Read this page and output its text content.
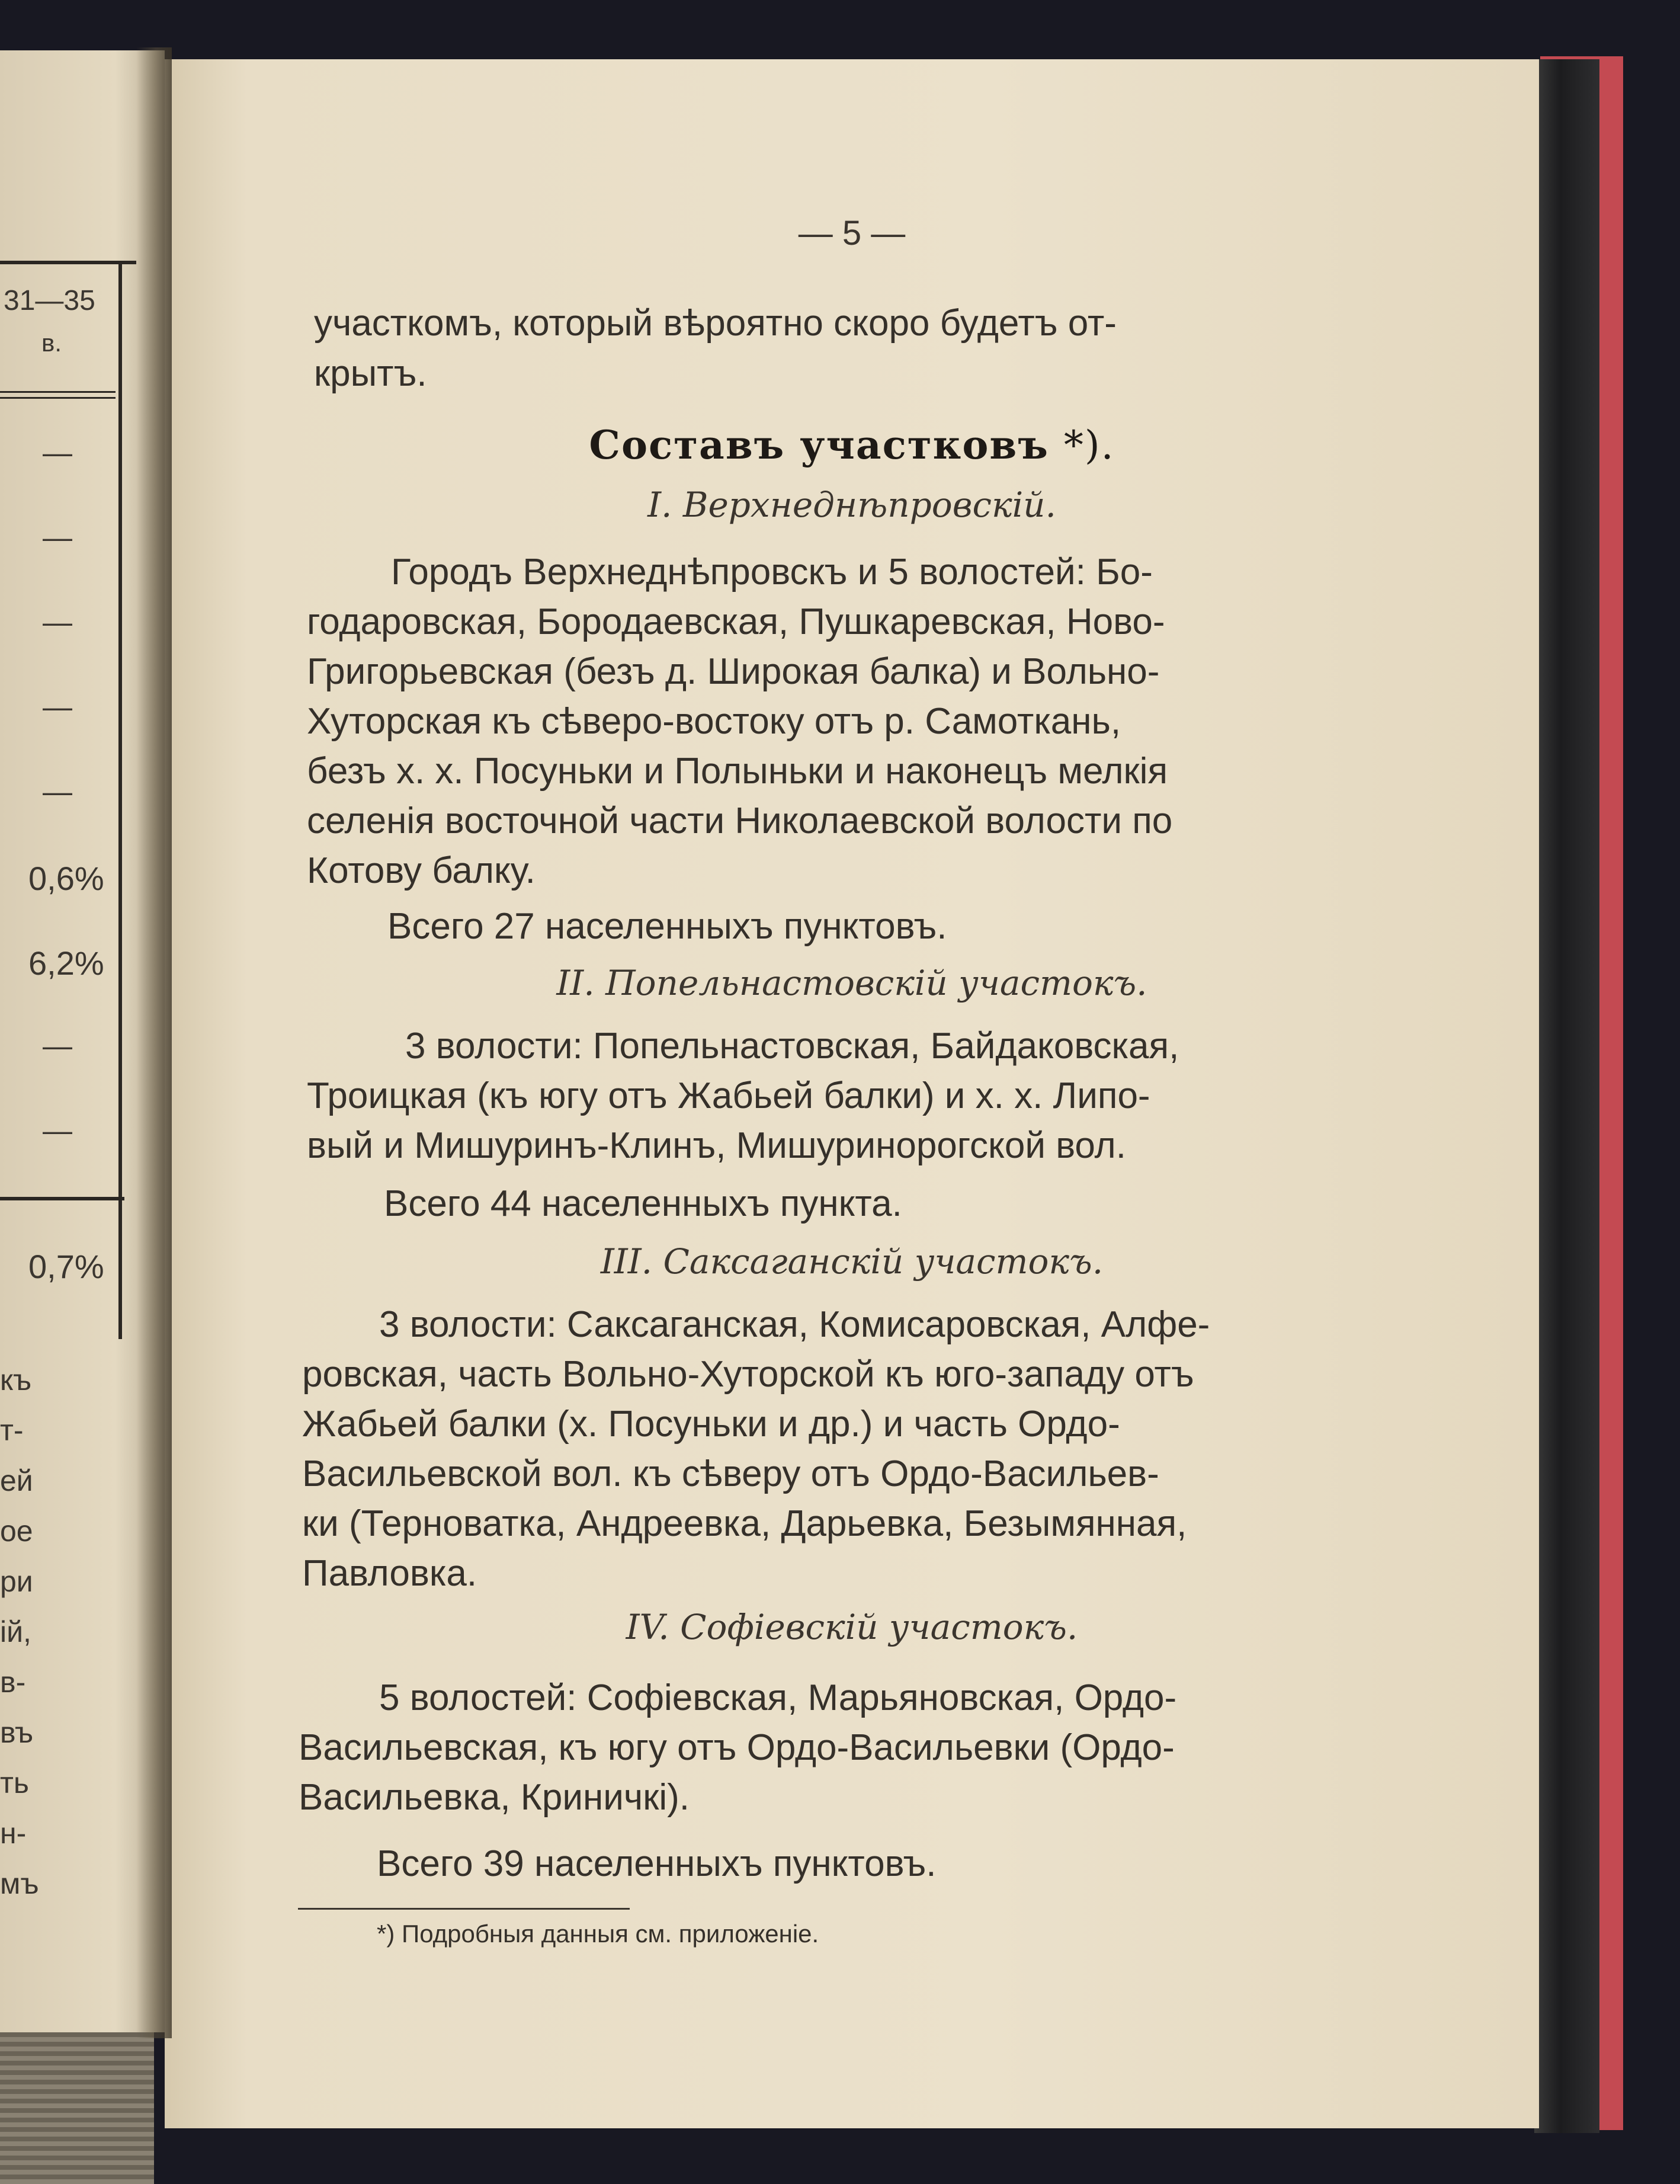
31—35
в.
—
—
—
—
—
0,6%
6,2%
—
—
0,7%
къ
т-
ей
ое
ри
ій,
в-
въ
ть
н-
мъ
— 5 —
участкомъ, который вѣроятно скоро будетъ от-
крытъ.
Составъ участковъ *).
I. Верхнеднѣпровскій.
Городъ Верхнеднѣпровскъ и 5 волостей: Бо-
годаровская, Бородаевская, Пушкаревская, Ново-
Григорьевская (безъ д. Широкая балка) и Вольно-
Хуторская къ сѣверо-востоку отъ р. Самоткань,
безъ х. х. Посуньки и Полыньки и наконецъ мелкія
селенія восточной части Николаевской волости по
Котову балку.
Всего 27 населенныхъ пунктовъ.
II. Попельнастовскій участокъ.
3 волости: Попельнастовская, Байдаковская,
Троицкая (къ югу отъ Жабьей балки) и х. х. Липо-
вый и Мишуринъ-Клинъ, Мишуринорогской вол.
Всего 44 населенныхъ пункта.
III. Саксаганскій участокъ.
3 волости: Саксаганская, Комисаровская, Алфе-
ровская, часть Вольно-Хуторской къ юго-западу отъ
Жабьей балки (х. Посуньки и др.) и часть Ордо-
Васильевской вол. къ сѣверу отъ Ордо-Васильев-
ки (Терноватка, Андреевка, Дарьевка, Безымянная,
Павловка.
IV. Софіевскій участокъ.
5 волостей: Софіевская, Марьяновская, Ордо-
Васильевская, къ югу отъ Ордо-Васильевки (Ордо-
Васильевка, Криничкi).
Всего 39 населенныхъ пунктовъ.
*) Подробныя данныя см. приложеніе.
